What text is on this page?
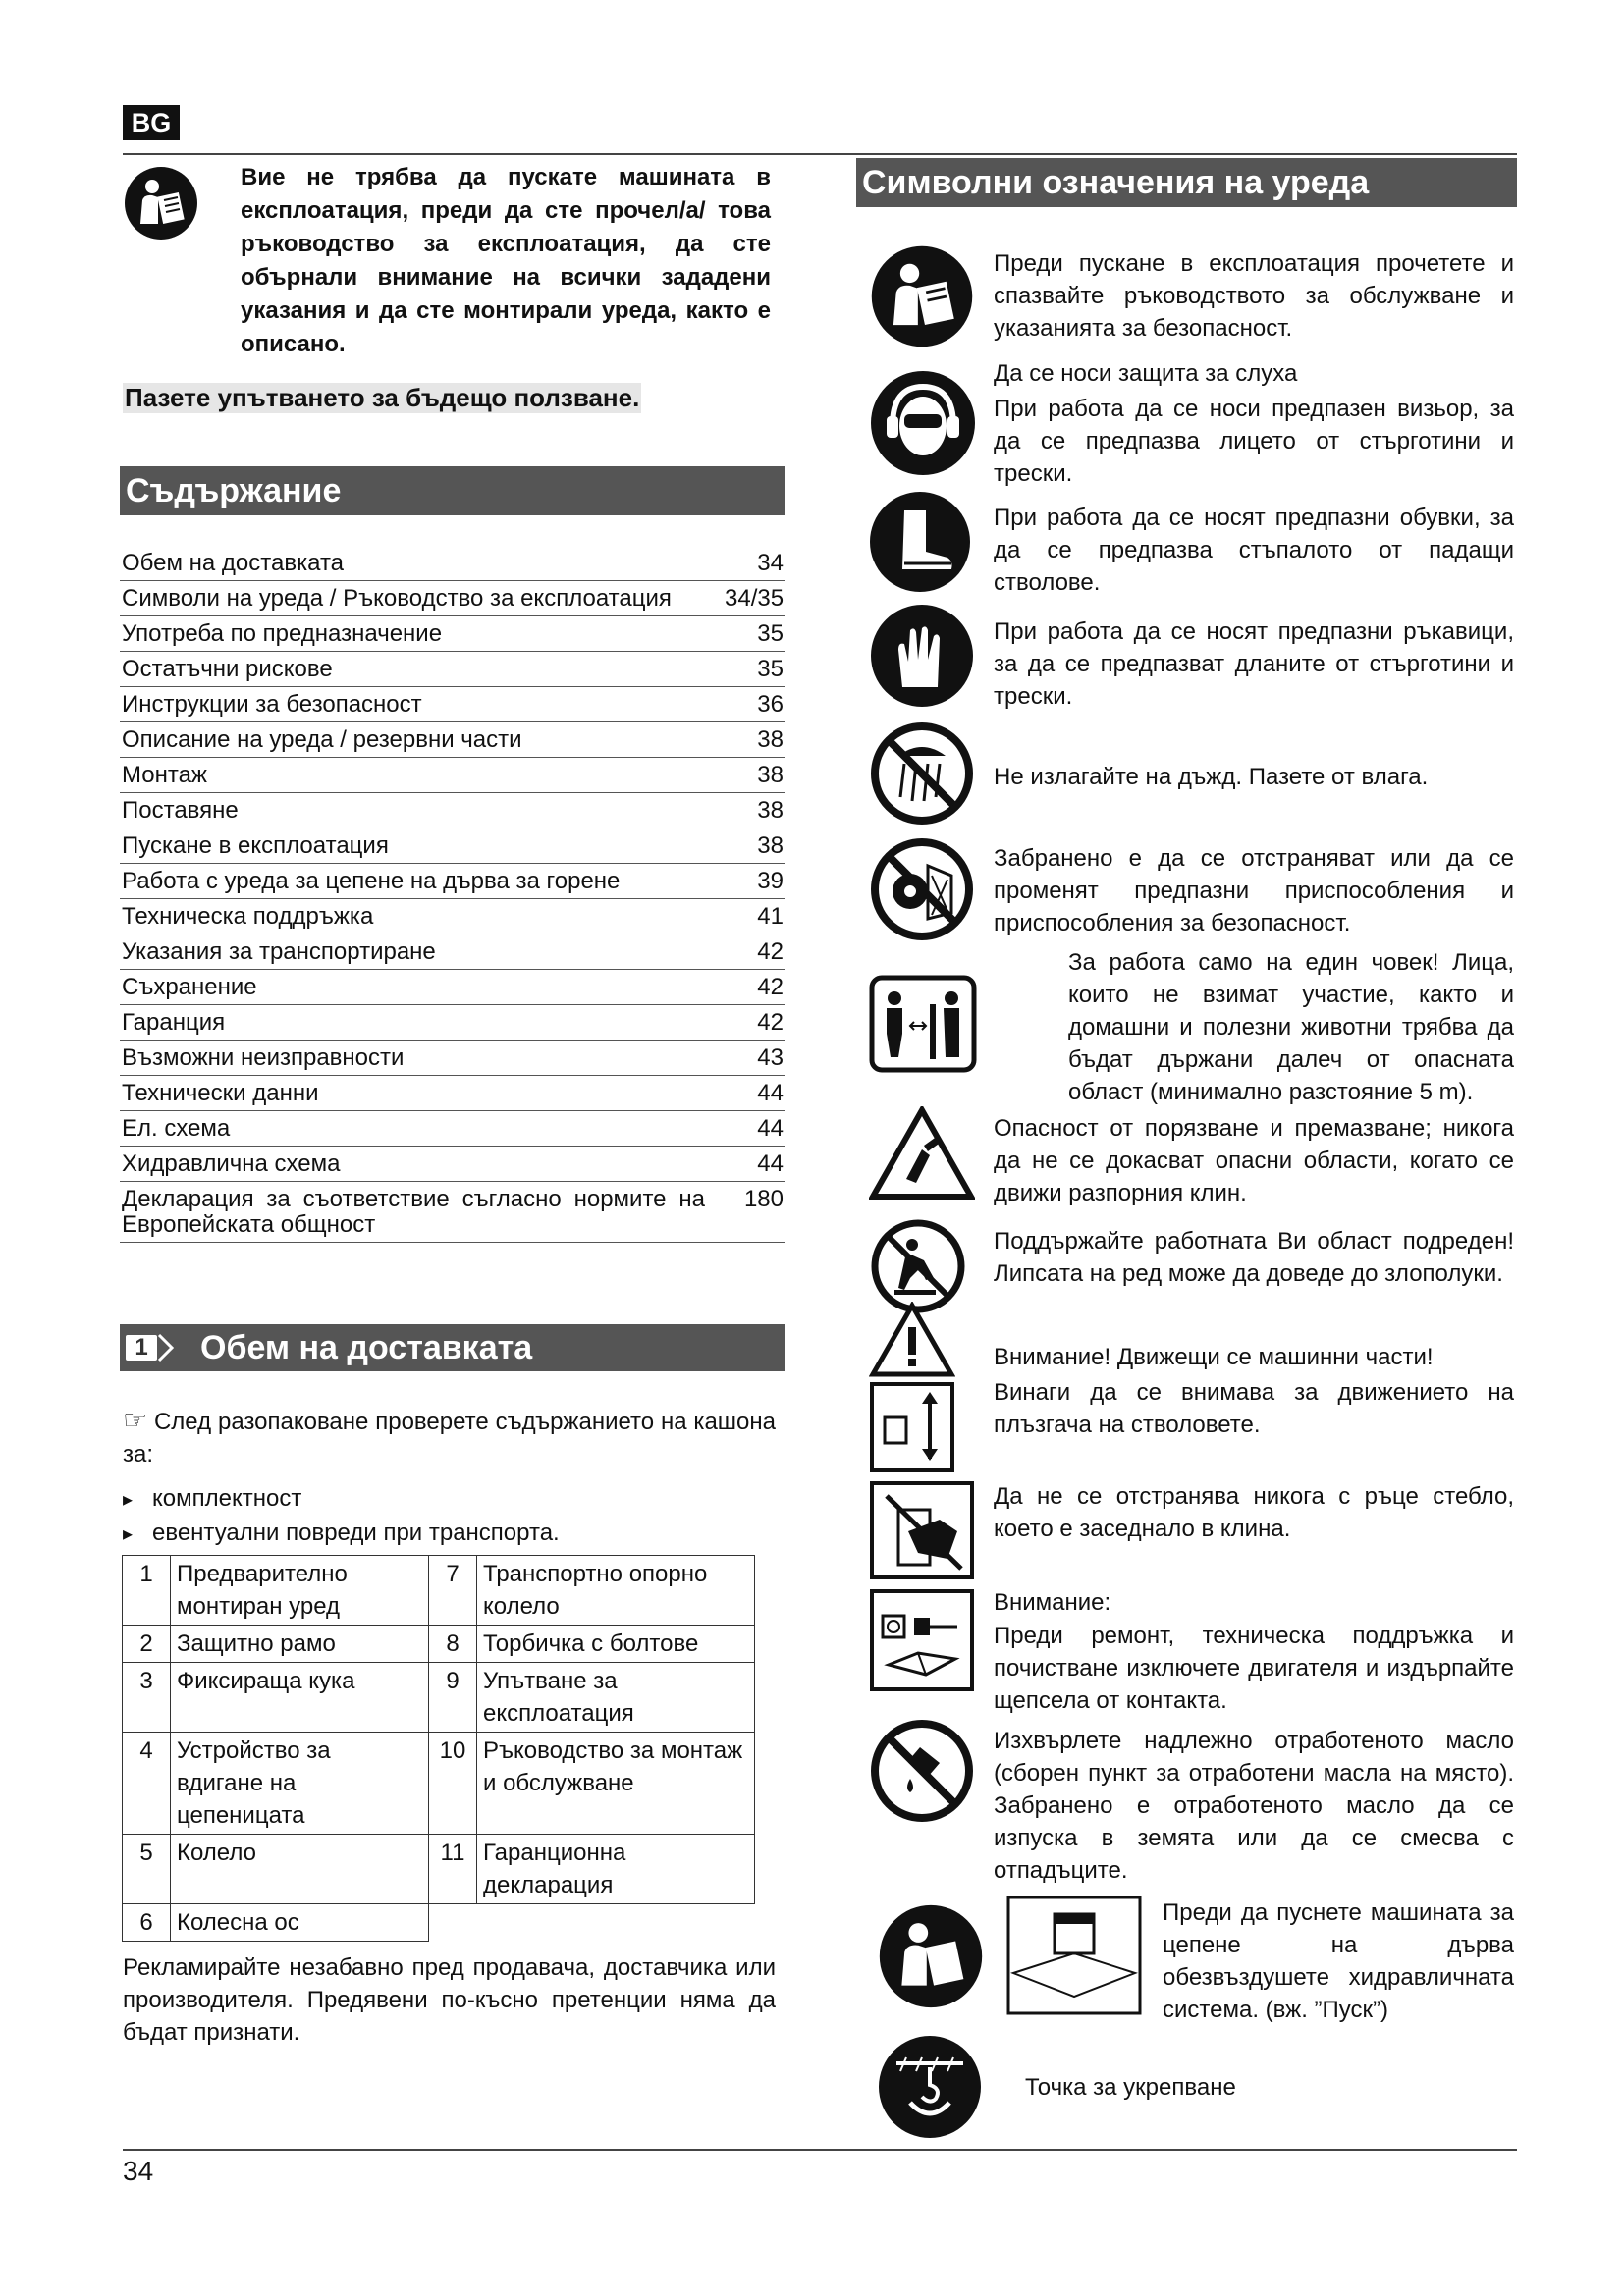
BG
Вие не трябва да пускате машината в експлоатация, преди да сте прочел/а/ това ръководство за експлоатация, да сте обърнали внимание на всички зададени указания и да сте монтирали уреда, както е описано.
Пазете упътването за бъдещо ползване.
Съдържание
Обем на доставката	34
Символи на уреда / Ръководство за експлоатация	34/35
Употреба по предназначение	35
Остатъчни рискове	35
Инструкции за безопасност	36
Описание на уреда / резервни части	38
Монтаж	38
Поставяне	38
Пускане в експлоатация	38
Работа с уреда за цепене на дърва за горене	39
Техническа поддръжка	41
Указания за транспортиране	42
Съхранение	42
Гаранция	42
Възможни неизправности	43
Технически данни	44
Ел. схема	44
Хидравлична схема	44
Декларация за съответствие съгласно нормите на Европейската общност
180
1 Обем на доставката
☞ След разопаковане проверете съдържанието на кашона за:
▸ комплектност
▸ евентуални повреди при транспорта.
1	Предварително монтиран уред	7	Транспортно опорно колело
2	Защитно рамо	8	Торбичка с болтове
3	Фиксираща кука	9	Упътване за експлоатация
4	Устройство за вдигане на цепеницата	10	Ръководство за монтаж и обслужване
5	Колело	11	Гаранционна декларация
6	Колесна ос		
Рекламирайте незабавно пред продавача, доставчика или производителя. Предявени по-късно претенции няма да бъдат признати.
Символни означения на уреда
Преди пускане в експлоатация прочетете и спазвайте ръководството за обслужване и указанията за безопасност.
Да се носи защита за слуха
При работа да се носи предпазен визьор, за да се предпазва лицето от стърготини и трески.
При работа да се носят предпазни обувки, за да се предпазва стъпалото от падащи стволове.
При работа да се носят предпазни ръкавици, за да се предпазват дланите от стърготини и трески.
Не излагайте на дъжд. Пазете от влага.
Забранено е да се отстраняват или да се променят предпазни приспособления и приспособления за безопасност.
За работа само на един човек! Лица, които не взимат участие, както и домашни и полезни животни трябва да бъдат държани далеч от опасната област (минимално разстояние 5 m).
Опасност от порязване и премазване; никога да не се докасват опасни области, когато се движи разпорния клин.
Поддържайте работната Ви област подреден! Липсата на ред може да доведе до злополуки.
Внимание! Движещи се машинни части!
Винаги да се внимава за движението на плъзгача на стволовете.
Да не се отстранява никога с ръце стебло, което е заседнало в клина.
Внимание:
Преди ремонт, техническа поддръжка и почистване изключете двигателя и издърпайте щепсела от контакта.
Изхвърлете надлежно отработеното масло (сборен пункт за отработени масла на място). Забранено е отработеното масло да се изпуска в земята или да се смесва с отпадъците.
Преди да пуснете машината за цепене на дърва обезвъздушете хидравличната система. (вж. ”Пуск”)
Точка за укрепване
34
